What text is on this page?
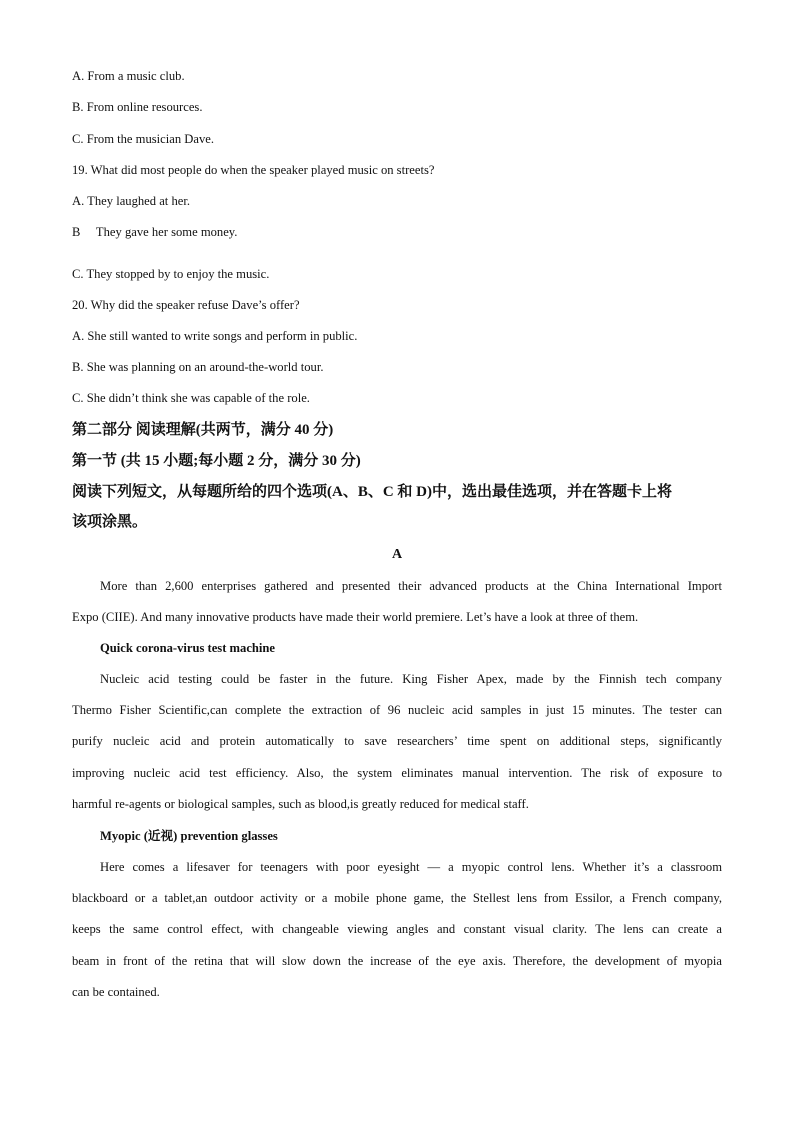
A. From a music club.

B. From online resources.

C. From the musician Dave.

19. What did most people do when the speaker played music on streets?

A. They laughed at her.

B     They gave her some money.

C. They stopped by to enjoy the music.

20. Why did the speaker refuse Dave’s offer?

A. She still wanted to write songs and perform in public.

B. She was planning on an around-the-world tour.

C. She didn’t think she was capable of the role.

第二部分 阅读理解(共两节，满分 40 分)

第一节 (共 15 小题;每小题 2 分，满分 30 分)

阅读下列短文，从每题所给的四个选项(A、B、C 和 D)中，选出最佳选项，并在答题卡上将

该项涂黑。

A

More than 2,600 enterprises gathered and presented their advanced products at the China International Import
Expo (CIIE). And many innovative products have made their world premiere. Let’s have a look at three of them.

Quick corona-virus test machine

Nucleic acid testing could be faster in the future. King Fisher Apex, made by the Finnish tech company
Thermo Fisher Scientific,can complete the extraction of 96 nucleic acid samples in just 15 minutes. The tester can
purify nucleic acid and protein automatically to save researchers’ time spent on additional steps, significantly
improving nucleic acid test efficiency. Also, the system eliminates manual intervention. The risk of exposure to
harmful re-agents or biological samples, such as blood,is greatly reduced for medical staff.

Myopic (近视) prevention glasses

Here comes a lifesaver for teenagers with poor eyesight — a myopic control lens. Whether it’s a classroom
blackboard or a tablet,an outdoor activity or a mobile phone game, the Stellest lens from Essilor, a French company,
keeps the same control effect, with changeable viewing angles and constant visual clarity. The lens can create a
beam in front of the retina that will slow down the increase of the eye axis. Therefore, the development of myopia
can be contained.
